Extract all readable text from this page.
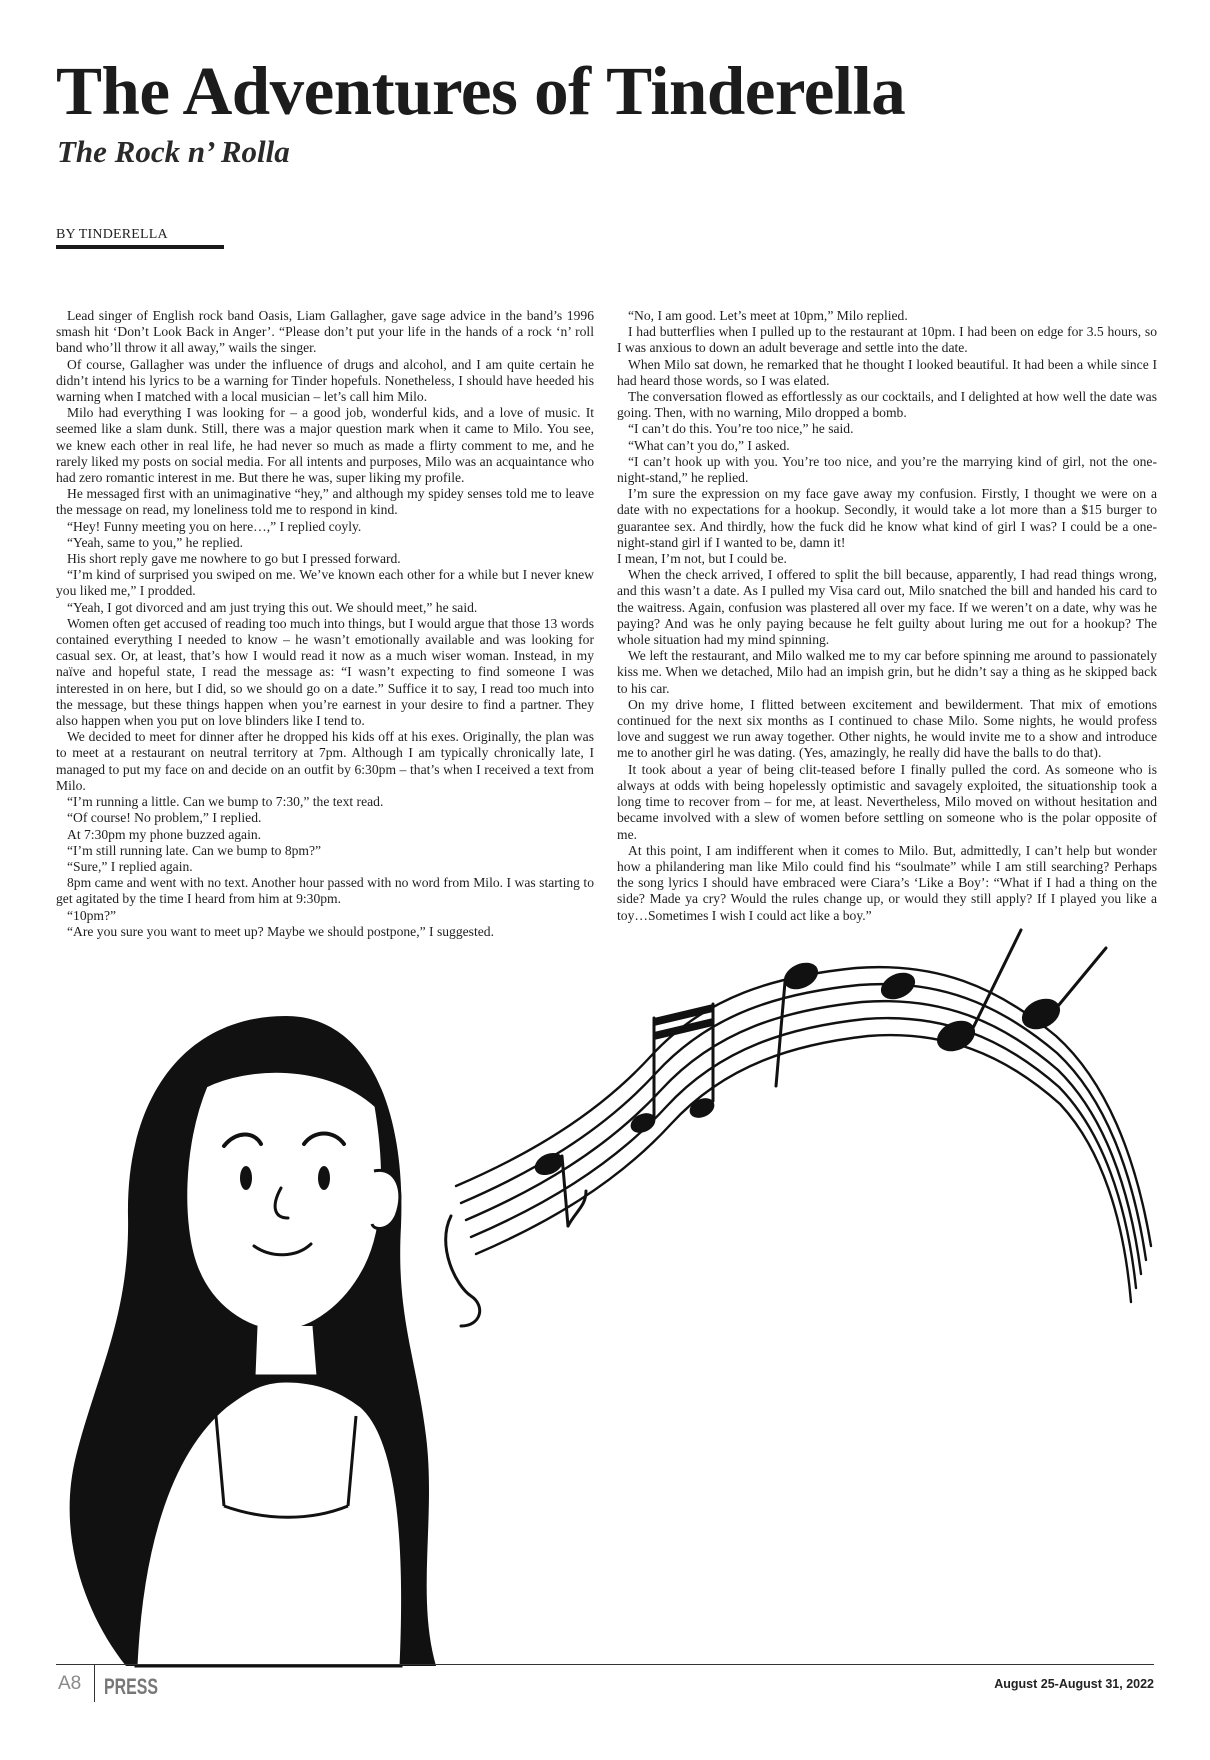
The Adventures of Tinderella
The Rock n’ Rolla
BY TINDERELLA

Lead singer of English rock band Oasis, Liam Gallagher, gave sage advice in the band’s 1996 smash hit ‘Don’t Look Back in Anger’. “Please don’t put your life in the hands of a rock ‘n’ roll band who’ll throw it all away,” wails the singer.

Of course, Gallagher was under the influence of drugs and alcohol, and I am quite certain he didn’t intend his lyrics to be a warning for Tinder hopefuls. Nonetheless, I should have heeded his warning when I matched with a local musician – let’s call him Milo.

Milo had everything I was looking for – a good job, wonderful kids, and a love of music. It seemed like a slam dunk. Still, there was a major question mark when it came to Milo. You see, we knew each other in real life, he had never so much as made a flirty comment to me, and he rarely liked my posts on social media. For all intents and purposes, Milo was an acquaintance who had zero romantic interest in me. But there he was, super liking my profile.

He messaged first with an unimaginative “hey,” and although my spidey senses told me to leave the message on read, my loneliness told me to respond in kind.

“Hey! Funny meeting you on here…,” I replied coyly.

“Yeah, same to you,” he replied.

His short reply gave me nowhere to go but I pressed forward.

“I’m kind of surprised you swiped on me. We’ve known each other for a while but I never knew you liked me,” I prodded.

“Yeah, I got divorced and am just trying this out. We should meet,” he said.

Women often get accused of reading too much into things, but I would argue that those 13 words contained everything I needed to know – he wasn’t emotionally available and was looking for casual sex. Or, at least, that’s how I would read it now as a much wiser woman. Instead, in my naïve and hopeful state, I read the message as: “I wasn’t expecting to find someone I was interested in on here, but I did, so we should go on a date.” Suffice it to say, I read too much into the message, but these things happen when you’re earnest in your desire to find a partner. They also happen when you put on love blinders like I tend to.

We decided to meet for dinner after he dropped his kids off at his exes. Originally, the plan was to meet at a restaurant on neutral territory at 7pm. Although I am typically chronically late, I managed to put my face on and decide on an outfit by 6:30pm – that’s when I received a text from Milo.

“I’m running a little. Can we bump to 7:30,” the text read.

“Of course! No problem,” I replied.

At 7:30pm my phone buzzed again.

“I’m still running late. Can we bump to 8pm?”

“Sure,” I replied again.

8pm came and went with no text. Another hour passed with no word from Milo. I was starting to get agitated by the time I heard from him at 9:30pm.

“10pm?”

“Are you sure you want to meet up? Maybe we should postpone,” I suggested.

“No, I am good. Let’s meet at 10pm,” Milo replied.

I had butterflies when I pulled up to the restaurant at 10pm. I had been on edge for 3.5 hours, so I was anxious to down an adult beverage and settle into the date.

When Milo sat down, he remarked that he thought I looked beautiful. It had been a while since I had heard those words, so I was elated.

The conversation flowed as effortlessly as our cocktails, and I delighted at how well the date was going. Then, with no warning, Milo dropped a bomb.

“I can’t do this. You’re too nice,” he said.

“What can’t you do,” I asked.

“I can’t hook up with you. You’re too nice, and you’re the marrying kind of girl, not the one-night-stand,” he replied.

I’m sure the expression on my face gave away my confusion. Firstly, I thought we were on a date with no expectations for a hookup. Secondly, it would take a lot more than a $15 burger to guarantee sex. And thirdly, how the fuck did he know what kind of girl I was? I could be a one-night-stand girl if I wanted to be, damn it!

I mean, I’m not, but I could be.

When the check arrived, I offered to split the bill because, apparently, I had read things wrong, and this wasn’t a date. As I pulled my Visa card out, Milo snatched the bill and handed his card to the waitress. Again, confusion was plastered all over my face. If we weren’t on a date, why was he paying? And was he only paying because he felt guilty about luring me out for a hookup? The whole situation had my mind spinning.

We left the restaurant, and Milo walked me to my car before spinning me around to passionately kiss me. When we detached, Milo had an impish grin, but he didn’t say a thing as he skipped back to his car.

On my drive home, I flitted between excitement and bewilderment. That mix of emotions continued for the next six months as I continued to chase Milo. Some nights, he would profess love and suggest we run away together. Other nights, he would invite me to a show and introduce me to another girl he was dating. (Yes, amazingly, he really did have the balls to do that).

It took about a year of being clit-teased before I finally pulled the cord. As someone who is always at odds with being hopelessly optimistic and savagely exploited, the situationship took a long time to recover from – for me, at least. Nevertheless, Milo moved on without hesitation and became involved with a slew of women before settling on someone who is the polar opposite of me.

At this point, I am indifferent when it comes to Milo. But, admittedly, I can’t help but wonder how a philandering man like Milo could find his “soulmate” while I am still searching? Perhaps the song lyrics I should have embraced were Ciara’s ‘Like a Boy’: “What if I had a thing on the side? Made ya cry? Would the rules change up, or would they still apply? If I played you like a toy…Sometimes I wish I could act like a boy.”

A8 PRESS	August 25-August 31, 2022
